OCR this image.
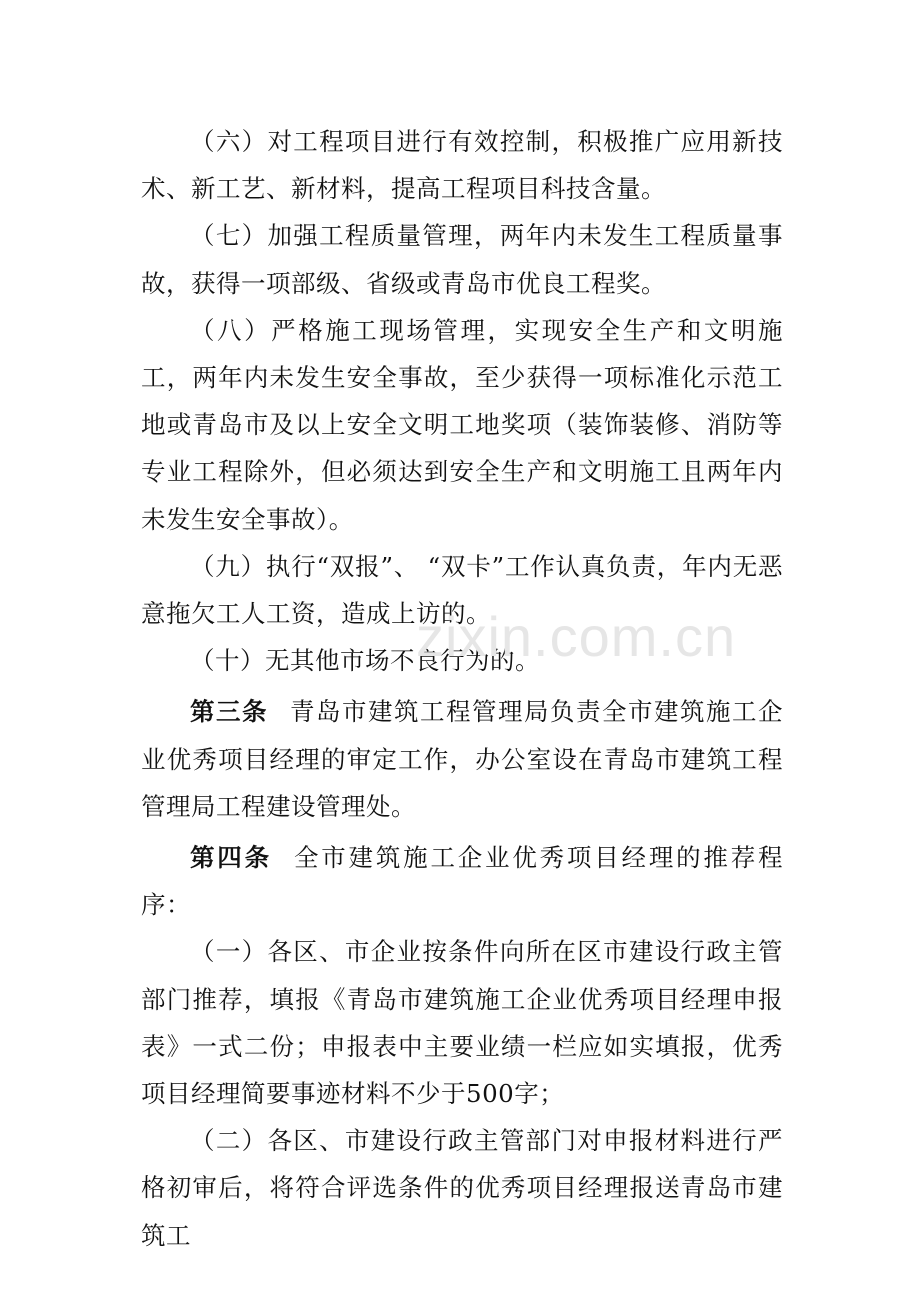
（六）对工程项目进行有效控制，积极推广应用新技术、新工艺、新材料，提高工程项目科技含量。

（七）加强工程质量管理，两年内未发生工程质量事故，获得一项部级、省级或青岛市优良工程奖。

（八）严格施工现场管理，实现安全生产和文明施工，两年内未发生安全事故，至少获得一项标准化示范工地或青岛市及以上安全文明工地奖项（装饰装修、消防等专业工程除外，但必须达到安全生产和文明施工且两年内未发生安全事故）。

（九）执行“双报”、 “双卡”工作认真负责，年内无恶意拖欠工人工资，造成上访的。

（十）无其他市场不良行为的。

第三条 青岛市建筑工程管理局负责全市建筑施工企业优秀项目经理的审定工作，办公室设在青岛市建筑工程管理局工程建设管理处。

第四条 全市建筑施工企业优秀项目经理的推荐程序：

（一）各区、市企业按条件向所在区市建设行政主管部门推荐，填报《青岛市建筑施工企业优秀项目经理申报表》一式二份；申报表中主要业绩一栏应如实填报，优秀项目经理简要事迹材料不少于500字；

（二）各区、市建设行政主管部门对申报材料进行严格初审后，将符合评选条件的优秀项目经理报送青岛市建筑工

zixin.com.cn
